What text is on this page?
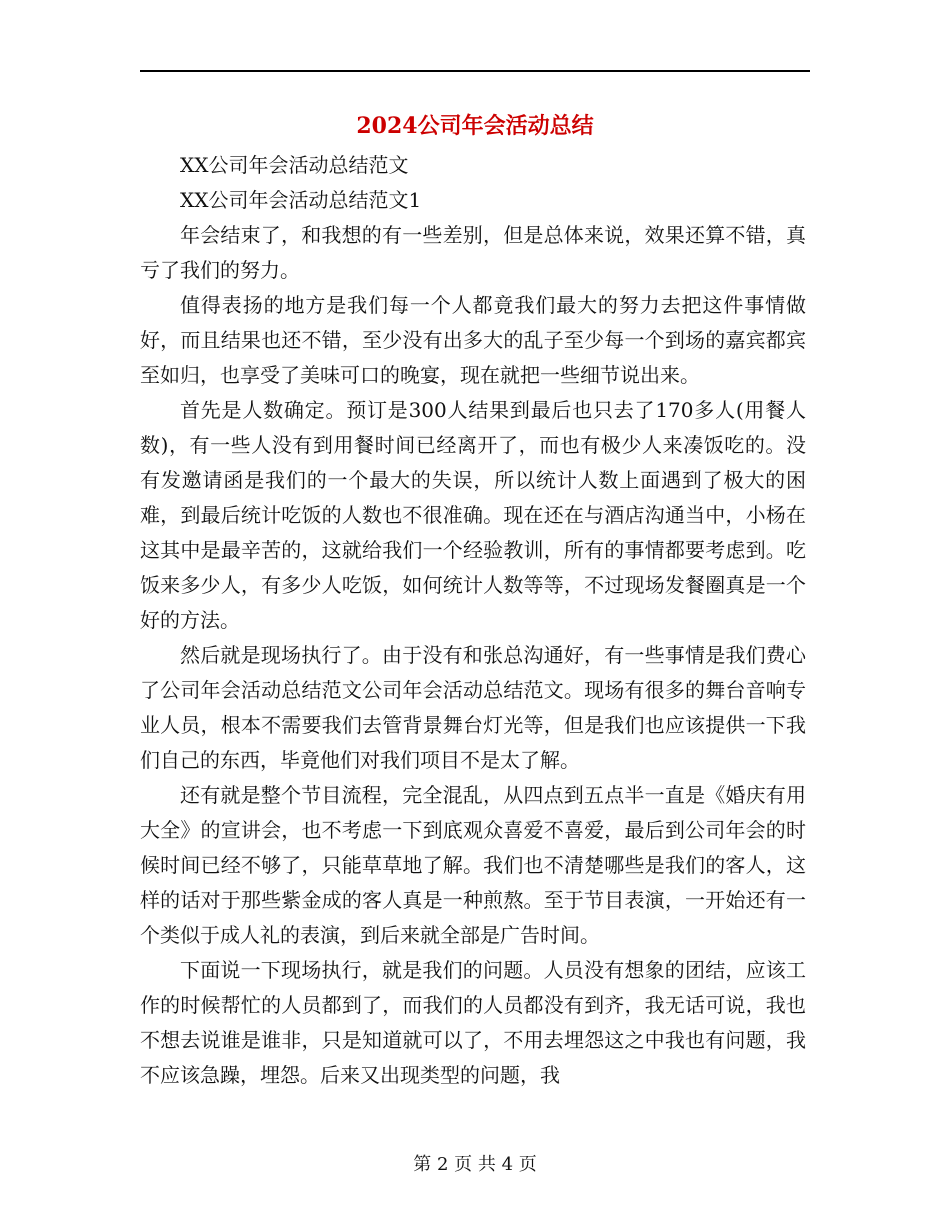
2024公司年会活动总结

XX公司年会活动总结范文

XX公司年会活动总结范文1

年会结束了，和我想的有一些差别，但是总体来说，效果还算不错，真亏了我们的努力。

值得表扬的地方是我们每一个人都竟我们最大的努力去把这件事情做好，而且结果也还不错，至少没有出多大的乱子至少每一个到场的嘉宾都宾至如归，也享受了美味可口的晚宴，现在就把一些细节说出来。

首先是人数确定。预订是300人结果到最后也只去了170多人(用餐人数)，有一些人没有到用餐时间已经离开了，而也有极少人来凑饭吃的。没有发邀请函是我们的一个最大的失误，所以统计人数上面遇到了极大的困难，到最后统计吃饭的人数也不很准确。现在还在与酒店沟通当中，小杨在这其中是最辛苦的，这就给我们一个经验教训，所有的事情都要考虑到。吃饭来多少人，有多少人吃饭，如何统计人数等等，不过现场发餐圈真是一个好的方法。

然后就是现场执行了。由于没有和张总沟通好，有一些事情是我们费心了公司年会活动总结范文公司年会活动总结范文。现场有很多的舞台音响专业人员，根本不需要我们去管背景舞台灯光等，但是我们也应该提供一下我们自己的东西，毕竟他们对我们项目不是太了解。

还有就是整个节目流程，完全混乱，从四点到五点半一直是《婚庆有用大全》的宣讲会，也不考虑一下到底观众喜爱不喜爱，最后到公司年会的时候时间已经不够了，只能草草地了解。我们也不清楚哪些是我们的客人，这样的话对于那些紫金成的客人真是一种煎熬。至于节目表演，一开始还有一个类似于成人礼的表演，到后来就全部是广告时间。

下面说一下现场执行，就是我们的问题。人员没有想象的团结，应该工作的时候帮忙的人员都到了，而我们的人员都没有到齐，我无话可说，我也不想去说谁是谁非，只是知道就可以了，不用去埋怨这之中我也有问题，我不应该急躁，埋怨。后来又出现类型的问题，我

第 2 页 共 4 页
